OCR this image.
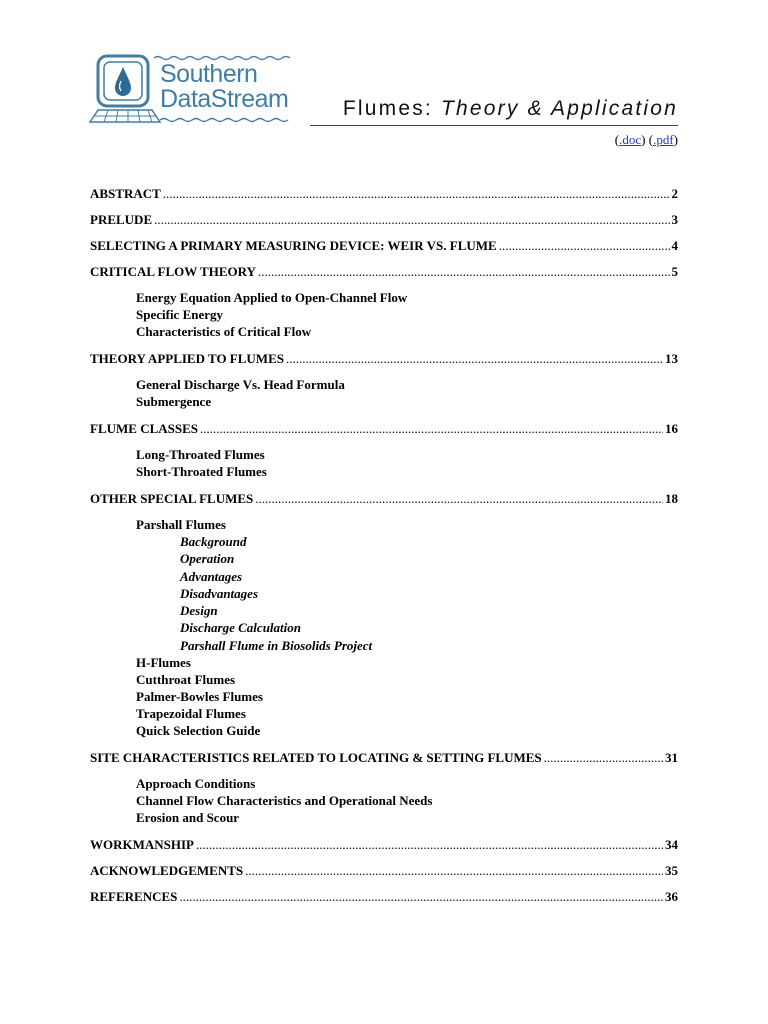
Southern
DataStream	Flumes: Theory & Application
(.doc) (.pdf)
ABSTRACT .....	2
PRELUDE .....	3
SELECTING A PRIMARY MEASURING DEVICE: WEIR VS. FLUME .....	4
CRITICAL FLOW THEORY .....	5
Energy Equation Applied to Open-Channel Flow
Specific Energy
Characteristics of Critical Flow
THEORY APPLIED TO FLUMES .....	13
General Discharge Vs. Head Formula
Submergence
FLUME CLASSES .....	16
Long-Throated Flumes
Short-Throated Flumes
OTHER SPECIAL FLUMES .....	18
Parshall Flumes
Background
Operation
Advantages
Disadvantages
Design
Discharge Calculation
Parshall Flume in Biosolids Project
H-Flumes
Cutthroat Flumes
Palmer-Bowles Flumes
Trapezoidal Flumes
Quick Selection Guide
SITE CHARACTERISTICS RELATED TO LOCATING & SETTING FLUMES .....	31
Approach Conditions
Channel Flow Characteristics and Operational Needs
Erosion and Scour
WORKMANSHIP .....	34
ACKNOWLEDGEMENTS .....	35
REFERENCES .....	36
